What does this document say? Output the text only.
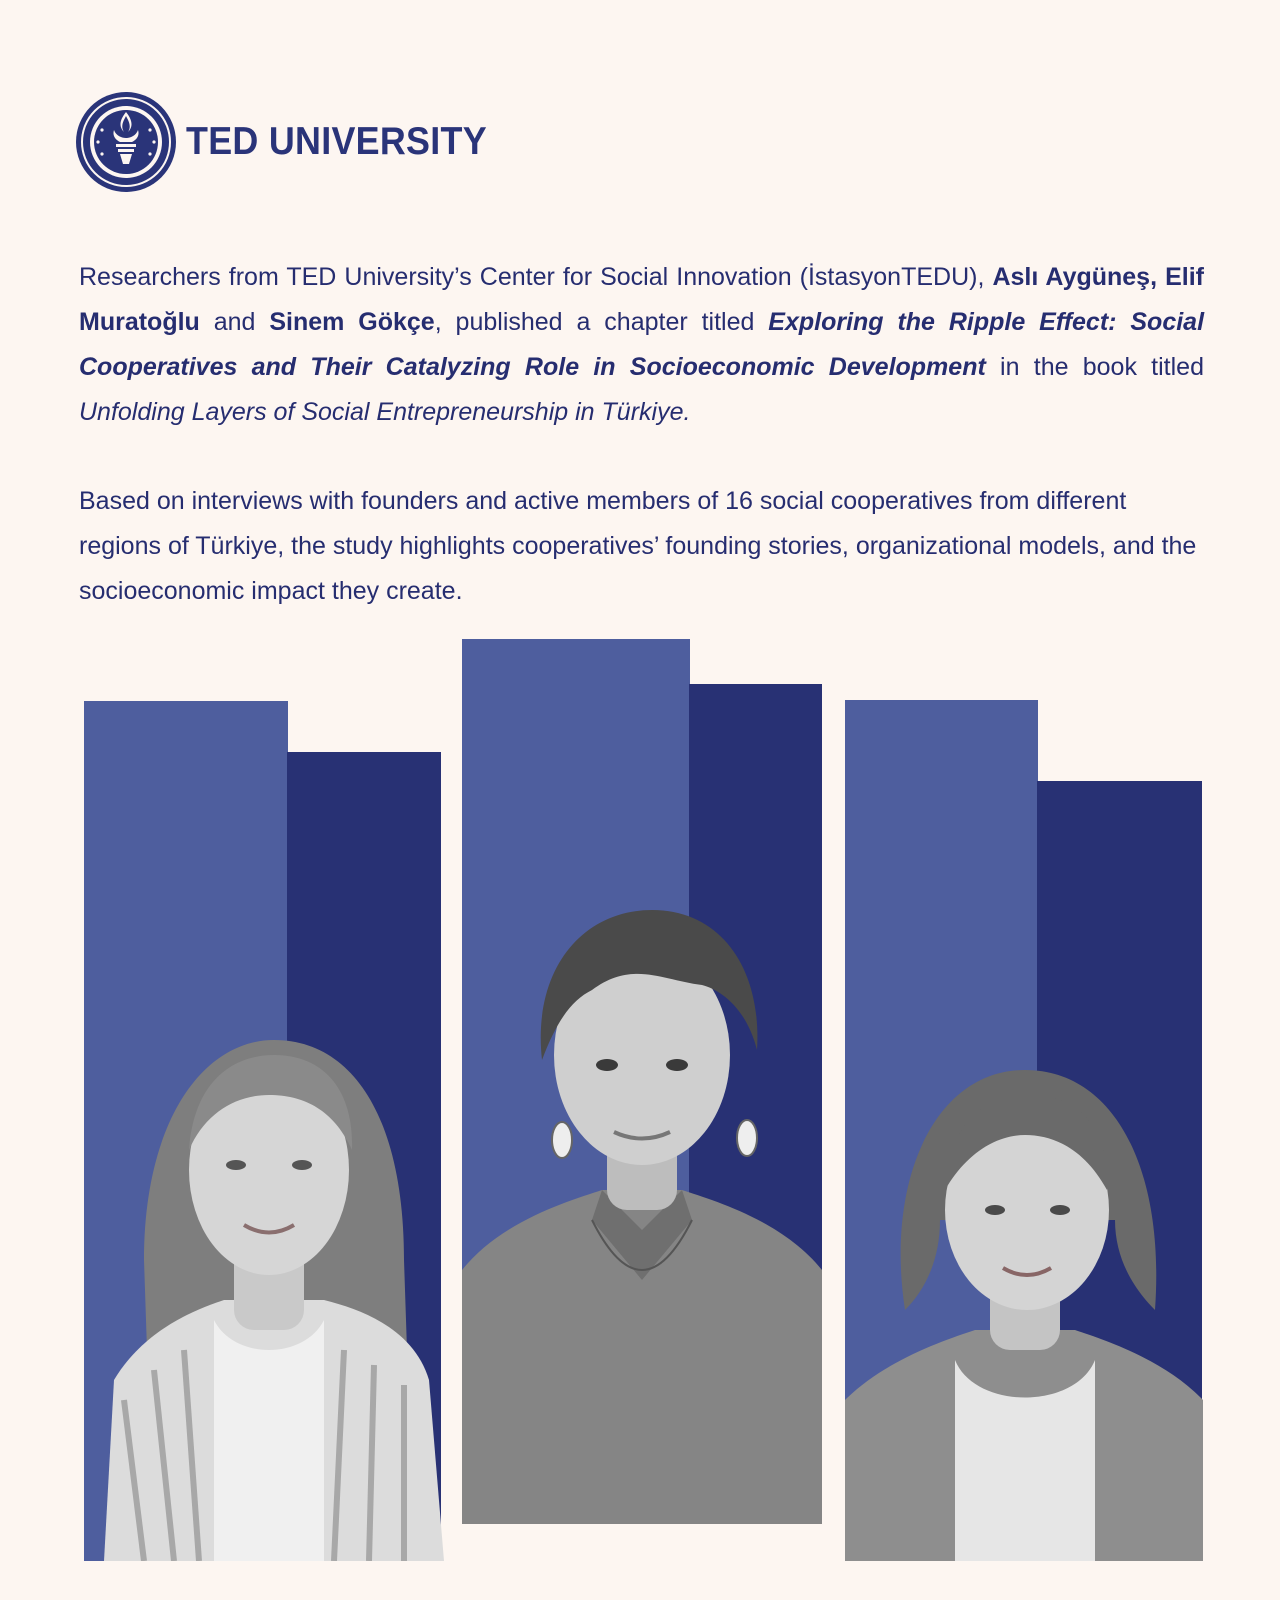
TED UNIVERSITY

Researchers from TED University’s Center for Social Innovation (İstasyonTEDU), Aslı Aygüneş, Elif Muratoğlu and Sinem Gökçe, published a chapter titled Exploring the Ripple Effect: Social Cooperatives and Their Catalyzing Role in Socioeconomic Development in the book titled Unfolding Layers of Social Entrepreneurship in Türkiye.

Based on interviews with founders and active members of 16 social cooperatives from different regions of Türkiye, the study highlights cooperatives’ founding stories, organizational models, and the socioeconomic impact they create.
